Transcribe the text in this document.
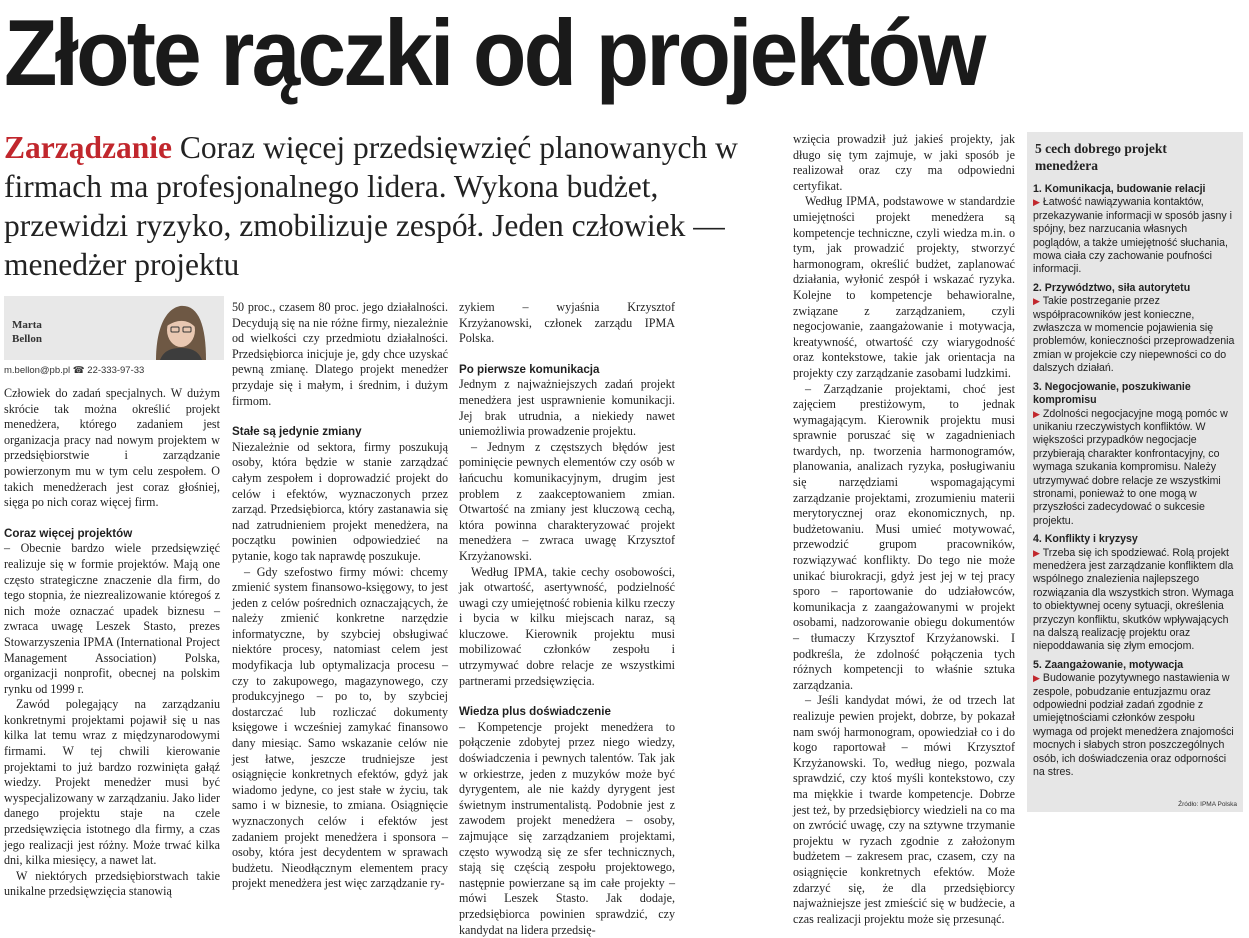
Złote rączki od projektów
Zarządzanie Coraz więcej przedsięwzięć planowanych w firmach ma profesjonalnego lidera. Wykona budżet, przewidzi ryzyko, zmobilizuje zespół. Jeden człowiek — menedżer projektu
Marta
Bellon
m.bellon@pb.pl ☎ 22-333-97-33

Człowiek do zadań specjalnych. W dużym skrócie tak można określić projekt menedżera, którego zadaniem jest organizacja pracy nad nowym projektem w przedsiębiorstwie i zarządzanie powierzonym mu w tym celu zespołem. O takich menedżerach jest coraz głośniej, sięga po nich coraz więcej firm.

Coraz więcej projektów

– Obecnie bardzo wiele przedsięwzięć realizuje się w formie projektów. Mają one często strategiczne znaczenie dla firm, do tego stopnia, że niezrealizowanie któregoś z nich może oznaczać upadek biznesu – zwraca uwagę Leszek Stasto, prezes Stowarzyszenia IPMA (International Project Management Association) Polska, organizacji nonprofit, obecnej na polskim rynku od 1999 r.

Zawód polegający na zarządzaniu konkretnymi projektami pojawił się u nas kilka lat temu wraz z międzynarodowymi firmami. W tej chwili kierowanie projektami to już bardzo rozwinięta gałąź wiedzy. Projekt menedżer musi być wyspecjalizowany w zarządzaniu. Jako lider danego projektu staje na czele przedsięwzięcia istotnego dla firmy, a czas jego realizacji jest różny. Może trwać kilka dni, kilka miesięcy, a nawet lat.

W niektórych przedsiębiorstwach takie unikalne przedsięwzięcia stanowią

50 proc., czasem 80 proc. jego działalności. Decydują się na nie różne firmy, niezależnie od wielkości czy przedmiotu działalności. Przedsiębiorca inicjuje je, gdy chce uzyskać pewną zmianę. Dlatego projekt menedżer przydaje się i małym, i średnim, i dużym firmom.

Stałe są jedynie zmiany

Niezależnie od sektora, firmy poszukują osoby, która będzie w stanie zarządzać całym zespołem i doprowadzić projekt do celów i efektów, wyznaczonych przez zarząd. Przedsiębiorca, który zastanawia się nad zatrudnieniem projekt menedżera, na początku powinien odpowiedzieć na pytanie, kogo tak naprawdę poszukuje.

– Gdy szefostwo firmy mówi: chcemy zmienić system finansowo-księgowy, to jest jeden z celów pośrednich oznaczających, że należy zmienić konkretne narzędzie informatyczne, by szybciej obsługiwać niektóre procesy, natomiast celem jest modyfikacja lub optymalizacja procesu – czy to zakupowego, magazynowego, czy produkcyjnego – po to, by szybciej dostarczać lub rozliczać dokumenty księgowe i wcześniej zamykać finansowo dany miesiąc. Samo wskazanie celów nie jest łatwe, jeszcze trudniejsze jest osiągnięcie konkretnych efektów, gdyż jak wiadomo jedyne, co jest stałe w życiu, tak samo i w biznesie, to zmiana. Osiągnięcie wyznaczonych celów i efektów jest zadaniem projekt menedżera i sponsora – osoby, która jest decydentem w sprawach budżetu. Nieodłącznym elementem pracy projekt menedżera jest więc zarządzanie ry-

zykiem – wyjaśnia Krzysztof Krzyżanowski, członek zarządu IPMA Polska.

Po pierwsze komunikacja

Jednym z najważniejszych zadań projekt menedżera jest usprawnienie komunikacji. Jej brak utrudnia, a niekiedy nawet uniemożliwia prowadzenie projektu.

– Jednym z częstszych błędów jest pominięcie pewnych elementów czy osób w łańcuchu komunikacyjnym, drugim jest problem z zaakceptowaniem zmian. Otwartość na zmiany jest kluczową cechą, która powinna charakteryzować projekt menedżera – zwraca uwagę Krzysztof Krzyżanowski.

Według IPMA, takie cechy osobowości, jak otwartość, asertywność, podzielność uwagi czy umiejętność robienia kilku rzeczy i bycia w kilku miejscach naraz, są kluczowe. Kierownik projektu musi mobilizować członków zespołu i utrzymywać dobre relacje ze wszystkimi partnerami przedsięwzięcia.

Wiedza plus doświadczenie

– Kompetencje projekt menedżera to połączenie zdobytej przez niego wiedzy, doświadczenia i pewnych talentów. Tak jak w orkiestrze, jeden z muzyków może być dyrygentem, ale nie każdy dyrygent jest świetnym instrumentalistą. Podobnie jest z zawodem projekt menedżera – osoby, zajmujące się zarządzaniem projektami, często wywodzą się ze sfer technicznych, stają się częścią zespołu projektowego, następnie powierzane są im całe projekty – mówi Leszek Stasto. Jak dodaje, przedsiębiorca powinien sprawdzić, czy kandydat na lidera przedsię-

wzięcia prowadził już jakieś projekty, jak długo się tym zajmuje, w jaki sposób je realizował oraz czy ma odpowiedni certyfikat.

Według IPMA, podstawowe w standardzie umiejętności projekt menedżera są kompetencje techniczne, czyli wiedza m.in. o tym, jak prowadzić projekty, stworzyć harmonogram, określić budżet, zaplanować działania, wyłonić zespół i wskazać ryzyka. Kolejne to kompetencje behawioralne, związane z zarządzaniem, czyli negocjowanie, zaangażowanie i motywacja, kreatywność, otwartość czy wiarygodność oraz kontekstowe, takie jak orientacja na projekty czy zarządzanie zasobami ludzkimi.

– Zarządzanie projektami, choć jest zajęciem prestiżowym, to jednak wymagającym. Kierownik projektu musi sprawnie poruszać się w zagadnieniach twardych, np. tworzenia harmonogramów, planowania, analizach ryzyka, posługiwaniu się narzędziami wspomagającymi zarządzanie projektami, zrozumieniu materii merytorycznej oraz ekonomicznych, np. budżetowaniu. Musi umieć motywować, przewodzić grupom pracowników, rozwiązywać konflikty. Do tego nie może unikać biurokracji, gdyż jest jej w tej pracy sporo – raportowanie do udziałowców, komunikacja z zaangażowanymi w projekt osobami, nadzorowanie obiegu dokumentów – tłumaczy Krzysztof Krzyżanowski. I podkreśla, że zdolność połączenia tych różnych kompetencji to właśnie sztuka zarządzania.

– Jeśli kandydat mówi, że od trzech lat realizuje pewien projekt, dobrze, by pokazał nam swój harmonogram, opowiedział co i do kogo raportował – mówi Krzysztof Krzyżanowski. To, według niego, pozwala sprawdzić, czy ktoś myśli kontekstowo, czy ma miękkie i twarde kompetencje. Dobrze jest też, by przedsiębiorcy wiedzieli na co ma on zwrócić uwagę, czy na sztywne trzymanie projektu w ryzach zgodnie z założonym budżetem – zakresem prac, czasem, czy na osiągnięcie konkretnych efektów. Może zdarzyć się, że dla przedsiębiorcy najważniejsze jest zmieścić się w budżecie, a czas realizacji projektu może się przesunąć.

5 cech dobrego projekt menedżera
1. Komunikacja, budowanie relacji

▶ Łatwość nawiązywania kontaktów, przekazywanie informacji w sposób jasny i spójny, bez narzucania własnych poglądów, a także umiejętność słuchania, mowa ciała czy zachowanie poufności informacji.

2. Przywództwo, siła autorytetu

▶ Takie postrzeganie przez współpracowników jest konieczne, zwłaszcza w momencie pojawienia się problemów, konieczności przeprowadzenia zmian w projekcie czy niepewności co do dalszych działań.

3. Negocjowanie, poszukiwanie kompromisu

▶ Zdolności negocjacyjne mogą pomóc w unikaniu rzeczywistych konfliktów. W większości przypadków negocjacje przybierają charakter konfrontacyjny, co wymaga szukania kompromisu. Należy utrzymywać dobre relacje ze wszystkimi stronami, ponieważ to one mogą w przyszłości zadecydować o sukcesie projektu.

4. Konflikty i kryzysy

▶ Trzeba się ich spodziewać. Rolą projekt menedżera jest zarządzanie konfliktem dla wspólnego znalezienia najlepszego rozwiązania dla wszystkich stron. Wymaga to obiektywnej oceny sytuacji, określenia przyczyn konfliktu, skutków wpływających na dalszą realizację projektu oraz niepoddawania się złym emocjom.

5. Zaangażowanie, motywacja

▶ Budowanie pozytywnego nastawienia w zespole, pobudzanie entuzjazmu oraz odpowiedni podział zadań zgodnie z umiejętnościami członków zespołu wymaga od projekt menedżera znajomości mocnych i słabych stron poszczególnych osób, ich doświadczenia oraz odporności na stres.

Źródło: IPMA Polska
